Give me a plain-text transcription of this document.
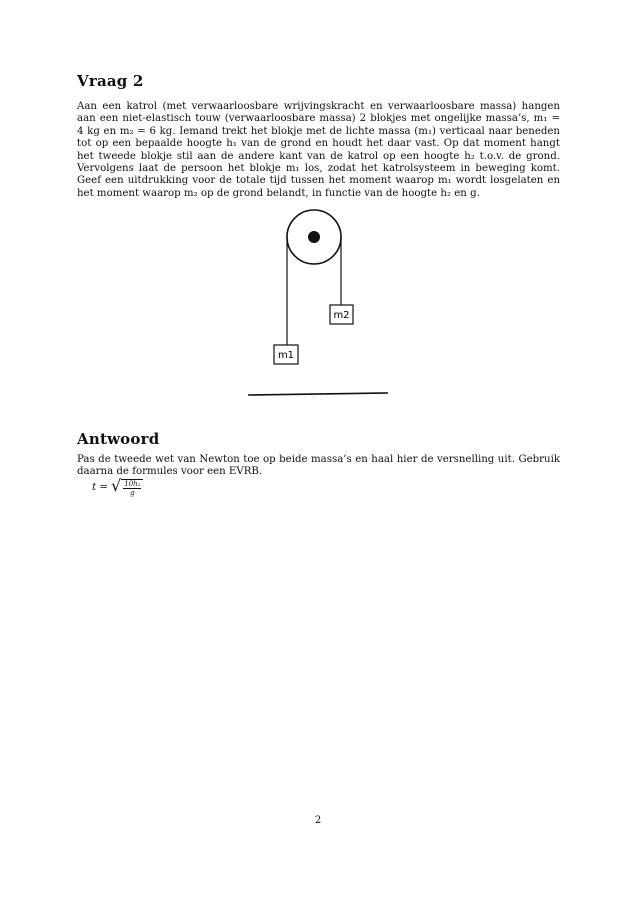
Vraag 2

Aan een katrol (met verwaarloosbare wrijvingskracht en verwaarloosbare massa) hangen aan een niet-elastisch touw (verwaarloosbare massa) 2 blokjes met ongelijke massa’s, m₁ = 4 kg en m₂ = 6 kg. Iemand trekt het blokje met de lichte massa (m₁) verticaal naar beneden tot op een bepaalde hoogte h₁ van de grond en houdt het daar vast. Op dat moment hangt het tweede blokje stil aan de andere kant van de katrol op een hoogte h₂ t.o.v. de grond. Vervolgens laat de persoon het blokje m₁ los, zodat het katrolsysteem in beweging komt. Geef een uitdrukking voor de totale tijd tussen het moment waarop m₁ wordt losgelaten en het moment waarop m₂ op de grond belandt, in functie van de hoogte h₂ en g.

m1
m2
Antwoord

Pas de tweede wet van Newton toe op beide massa’s en haal hier de versnelling uit. Gebruik daarna de formules voor een EVRB.

t = √ $\frac{\text{10h₂}}{g}$

2
